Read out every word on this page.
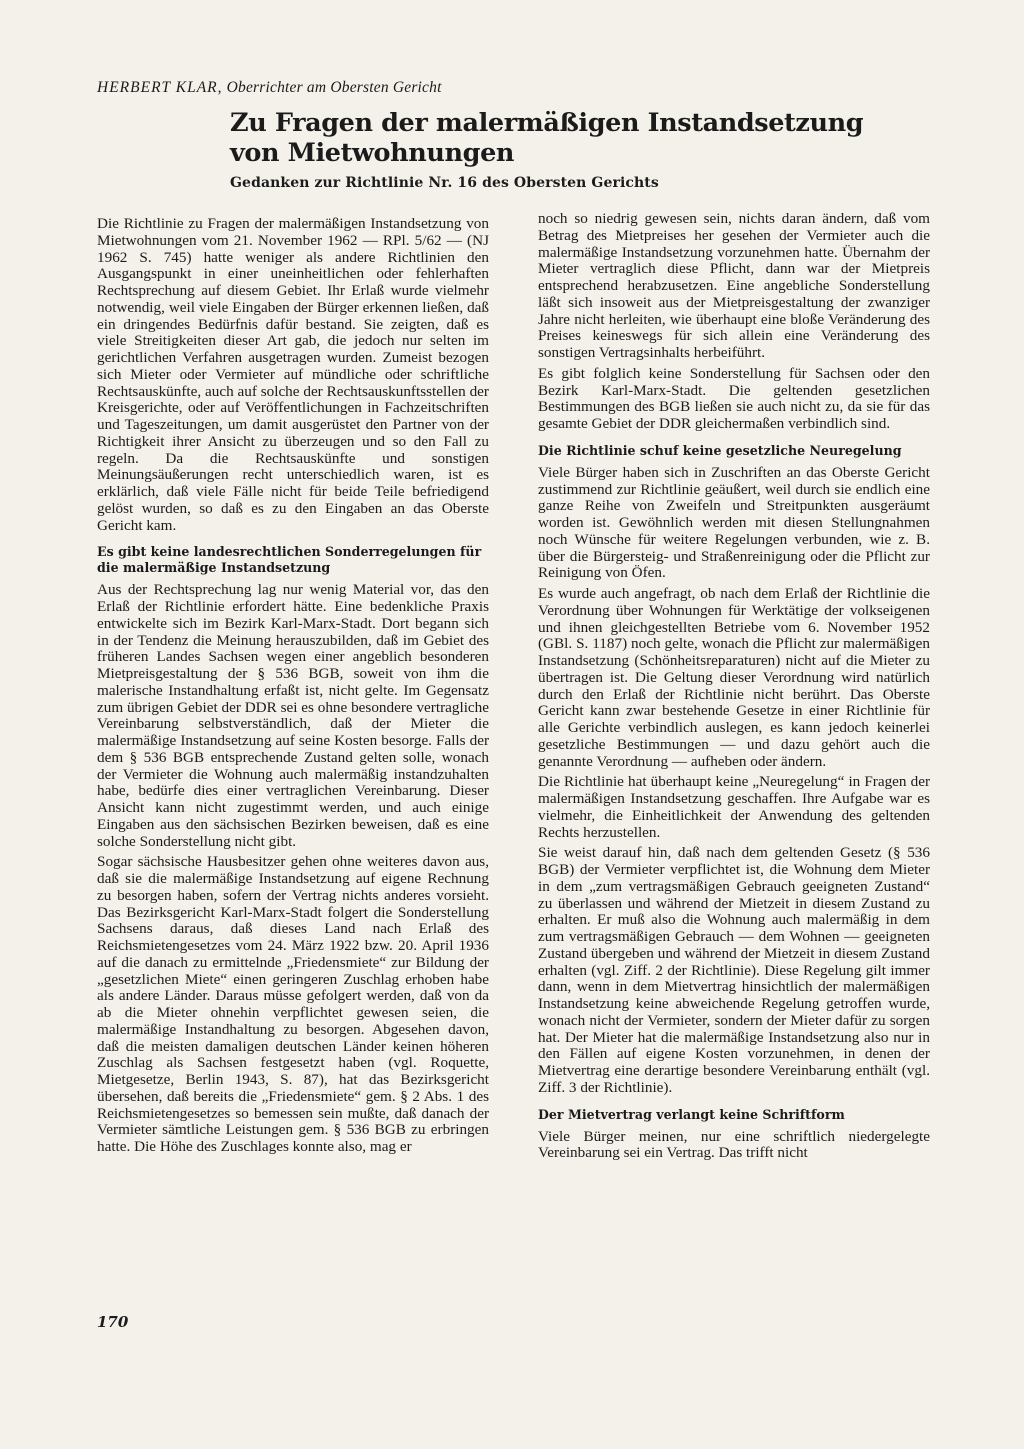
HERBERT KLAR, Oberrichter am Obersten Gericht
Zu Fragen der malermäßigen Instandsetzung
von Mietwohnungen
Gedanken zur Richtlinie Nr. 16 des Obersten Gerichts

Die Richtlinie zu Fragen der malermäßigen Instandsetzung von Mietwohnungen vom 21. November 1962 — RPl. 5/62 — (NJ 1962 S. 745) hatte weniger als andere Richtlinien den Ausgangspunkt in einer uneinheitlichen oder fehlerhaften Rechtsprechung auf diesem Gebiet. Ihr Erlaß wurde vielmehr notwendig, weil viele Eingaben der Bürger erkennen ließen, daß ein dringendes Bedürfnis dafür bestand. Sie zeigten, daß es viele Streitigkeiten dieser Art gab, die jedoch nur selten im gerichtlichen Verfahren ausgetragen wurden. Zumeist bezogen sich Mieter oder Vermieter auf mündliche oder schriftliche Rechtsauskünfte, auch auf solche der Rechtsauskunftsstellen der Kreisgerichte, oder auf Veröffentlichungen in Fachzeitschriften und Tageszeitungen, um damit ausgerüstet den Partner von der Richtigkeit ihrer Ansicht zu überzeugen und so den Fall zu regeln. Da die Rechtsauskünfte und sonstigen Meinungsäußerungen recht unterschiedlich waren, ist es erklärlich, daß viele Fälle nicht für beide Teile befriedigend gelöst wurden, so daß es zu den Eingaben an das Oberste Gericht kam.

Es gibt keine landesrechtlichen Sonderregelungen für die malermäßige Instandsetzung

Aus der Rechtsprechung lag nur wenig Material vor, das den Erlaß der Richtlinie erfordert hätte. Eine bedenkliche Praxis entwickelte sich im Bezirk Karl-Marx-Stadt. Dort begann sich in der Tendenz die Meinung herauszubilden, daß im Gebiet des früheren Landes Sachsen wegen einer angeblich besonderen Mietpreisgestaltung der § 536 BGB, soweit von ihm die malerische Instandhaltung erfaßt ist, nicht gelte. Im Gegensatz zum übrigen Gebiet der DDR sei es ohne besondere vertragliche Vereinbarung selbstverständlich, daß der Mieter die malermäßige Instandsetzung auf seine Kosten besorge. Falls der dem § 536 BGB entsprechende Zustand gelten solle, wonach der Vermieter die Wohnung auch malermäßig instandzuhalten habe, bedürfe dies einer vertraglichen Vereinbarung. Dieser Ansicht kann nicht zugestimmt werden, und auch einige Eingaben aus den sächsischen Bezirken beweisen, daß es eine solche Sonderstellung nicht gibt.

Sogar sächsische Hausbesitzer gehen ohne weiteres davon aus, daß sie die malermäßige Instandsetzung auf eigene Rechnung zu besorgen haben, sofern der Vertrag nichts anderes vorsieht. Das Bezirksgericht Karl-Marx-Stadt folgert die Sonderstellung Sachsens daraus, daß dieses Land nach Erlaß des Reichsmietengesetzes vom 24. März 1922 bzw. 20. April 1936 auf die danach zu ermittelnde „Friedensmiete“ zur Bildung der „gesetzlichen Miete“ einen geringeren Zuschlag erhoben habe als andere Länder. Daraus müsse gefolgert werden, daß von da ab die Mieter ohnehin verpflichtet gewesen seien, die malermäßige Instandhaltung zu besorgen. Abgesehen davon, daß die meisten damaligen deutschen Länder keinen höheren Zuschlag als Sachsen festgesetzt haben (vgl. Roquette, Mietgesetze, Berlin 1943, S. 87), hat das Bezirksgericht übersehen, daß bereits die „Friedensmiete“ gem. § 2 Abs. 1 des Reichsmietengesetzes so bemessen sein mußte, daß danach der Vermieter sämtliche Leistungen gem. § 536 BGB zu erbringen hatte. Die Höhe des Zuschlages konnte also, mag er

noch so niedrig gewesen sein, nichts daran ändern, daß vom Betrag des Mietpreises her gesehen der Vermieter auch die malermäßige Instandsetzung vorzunehmen hatte. Übernahm der Mieter vertraglich diese Pflicht, dann war der Mietpreis entsprechend herabzusetzen. Eine angebliche Sonderstellung läßt sich insoweit aus der Mietpreisgestaltung der zwanziger Jahre nicht herleiten, wie überhaupt eine bloße Veränderung des Preises keineswegs für sich allein eine Veränderung des sonstigen Vertragsinhalts herbeiführt.

Es gibt folglich keine Sonderstellung für Sachsen oder den Bezirk Karl-Marx-Stadt. Die geltenden gesetzlichen Bestimmungen des BGB ließen sie auch nicht zu, da sie für das gesamte Gebiet der DDR gleichermaßen verbindlich sind.

Die Richtlinie schuf keine gesetzliche Neuregelung

Viele Bürger haben sich in Zuschriften an das Oberste Gericht zustimmend zur Richtlinie geäußert, weil durch sie endlich eine ganze Reihe von Zweifeln und Streitpunkten ausgeräumt worden ist. Gewöhnlich werden mit diesen Stellungnahmen noch Wünsche für weitere Regelungen verbunden, wie z. B. über die Bürgersteig- und Straßenreinigung oder die Pflicht zur Reinigung von Öfen.

Es wurde auch angefragt, ob nach dem Erlaß der Richtlinie die Verordnung über Wohnungen für Werktätige der volkseigenen und ihnen gleichgestellten Betriebe vom 6. November 1952 (GBl. S. 1187) noch gelte, wonach die Pflicht zur malermäßigen Instandsetzung (Schönheitsreparaturen) nicht auf die Mieter zu übertragen ist. Die Geltung dieser Verordnung wird natürlich durch den Erlaß der Richtlinie nicht berührt. Das Oberste Gericht kann zwar bestehende Gesetze in einer Richtlinie für alle Gerichte verbindlich auslegen, es kann jedoch keinerlei gesetzliche Bestimmungen — und dazu gehört auch die genannte Verordnung — aufheben oder ändern.

Die Richtlinie hat überhaupt keine „Neuregelung“ in Fragen der malermäßigen Instandsetzung geschaffen. Ihre Aufgabe war es vielmehr, die Einheitlichkeit der Anwendung des geltenden Rechts herzustellen.

Sie weist darauf hin, daß nach dem geltenden Gesetz (§ 536 BGB) der Vermieter verpflichtet ist, die Wohnung dem Mieter in dem „zum vertragsmäßigen Gebrauch geeigneten Zustand“ zu überlassen und während der Mietzeit in diesem Zustand zu erhalten. Er muß also die Wohnung auch malermäßig in dem zum vertragsmäßigen Gebrauch — dem Wohnen — geeigneten Zustand übergeben und während der Mietzeit in diesem Zustand erhalten (vgl. Ziff. 2 der Richtlinie). Diese Regelung gilt immer dann, wenn in dem Mietvertrag hinsichtlich der malermäßigen Instandsetzung keine abweichende Regelung getroffen wurde, wonach nicht der Vermieter, sondern der Mieter dafür zu sorgen hat. Der Mieter hat die malermäßige Instandsetzung also nur in den Fällen auf eigene Kosten vorzunehmen, in denen der Mietvertrag eine derartige besondere Vereinbarung enthält (vgl. Ziff. 3 der Richtlinie).

Der Mietvertrag verlangt keine Schriftform

Viele Bürger meinen, nur eine schriftlich niedergelegte Vereinbarung sei ein Vertrag. Das trifft nicht

170
